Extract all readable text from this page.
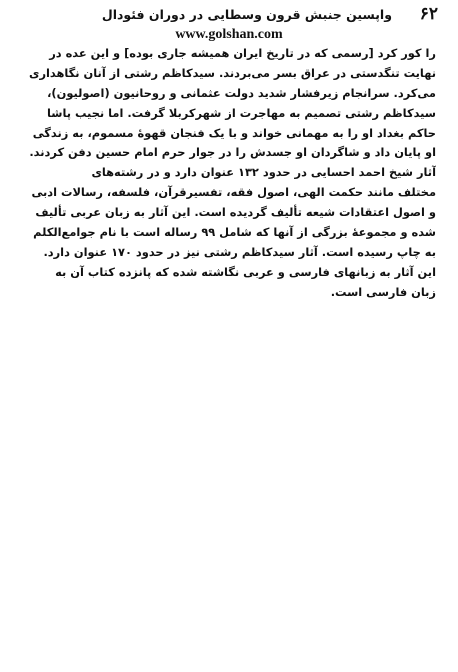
واپسین جنبش قرون وسطایی در دوران فئودال ۶۲
www.golshan.com
را کور کرد [رسمی که در تاریخ ایران همیشه جاری بوده] و این عده در
نهایت تنگدستی در عراق بسر می‌بردند. سیدکاظم رشتی از آنان نگاهداری
می‌کرد. سرانجام زیرفشار شدید دولت عثمانی و روحانیون (اصولیون)،
سیدکاظم رشتی تصمیم به مهاجرت از شهرکربلا گرفت. اما نجیب پاشا
حاکم بغداد او را به مهمانی خواند و با یک فنجان قهوهٔ مسموم، به زندگی
او پایان داد و شاگردان او جسدش را در جوار حرم امام حسین دفن کردند.
آثار شیخ احمد احسایی در حدود ۱۳۲ عنوان دارد و در رشته‌های
مختلف مانند حکمت الهی، اصول فقه، تفسیرقرآن، فلسفه، رسالات ادبی
و اصول اعتقادات شیعه تألیف گردیده است. این آثار به زبان عربی تألیف
شده و مجموعهٔ بزرگی از آنها که شامل ۹۹ رساله است با نام جوامع‌الکلم
به چاپ رسیده است. آثار سیدکاظم رشتی نیز در حدود ۱۷۰ عنوان دارد.
این آثار به زبانهای فارسی و عربی نگاشته شده که پانزده کتاب آن به
زبان فارسی است.
